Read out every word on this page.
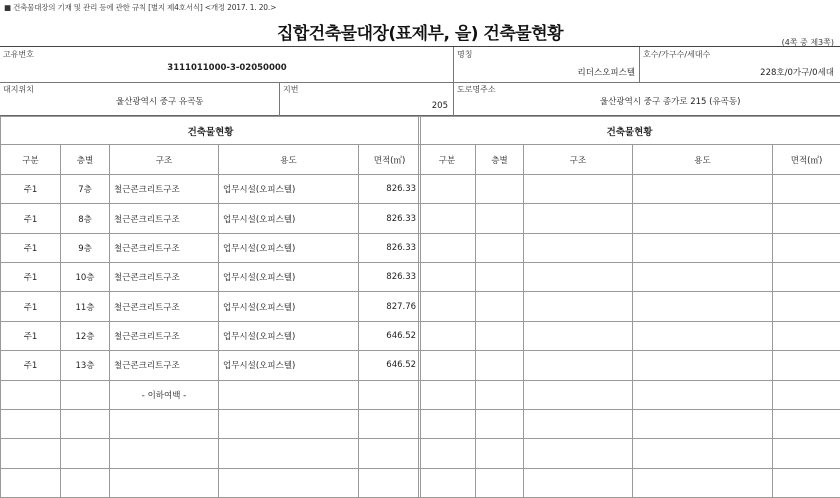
■ 건축물대장의 기재 및 관리 등에 관한 규칙 [별지 제4호서식] <개정 2017. 1. 20.>
집합건축물대장(표제부, 을) 건축물현황	(4쪽 중 제3쪽)
고유번호
3111011000-3-02050000
명칭
리더스오피스텔
호수/가구수/세대수
228호/0가구/0세대
대지위치
울산광역시 중구 유곡동
지번
205
도로명주소
울산광역시 중구 종가로 215 (유곡동)
건축물현황				
구분	층별	구조	용도	면적(㎡)
주1	7층	철근콘크리트구조	업무시설(오피스텔)	826.33
주1	8층	철근콘크리트구조	업무시설(오피스텔)	826.33
주1	9층	철근콘크리트구조	업무시설(오피스텔)	826.33
주1	10층	철근콘크리트구조	업무시설(오피스텔)	826.33
주1	11층	철근콘크리트구조	업무시설(오피스텔)	827.76
주1	12층	철근콘크리트구조	업무시설(오피스텔)	646.52
주1	13층	철근콘크리트구조	업무시설(오피스텔)	646.52
		- 이하여백 -		

건축물현황				
구분	층별	구조	용도	면적(㎡)
